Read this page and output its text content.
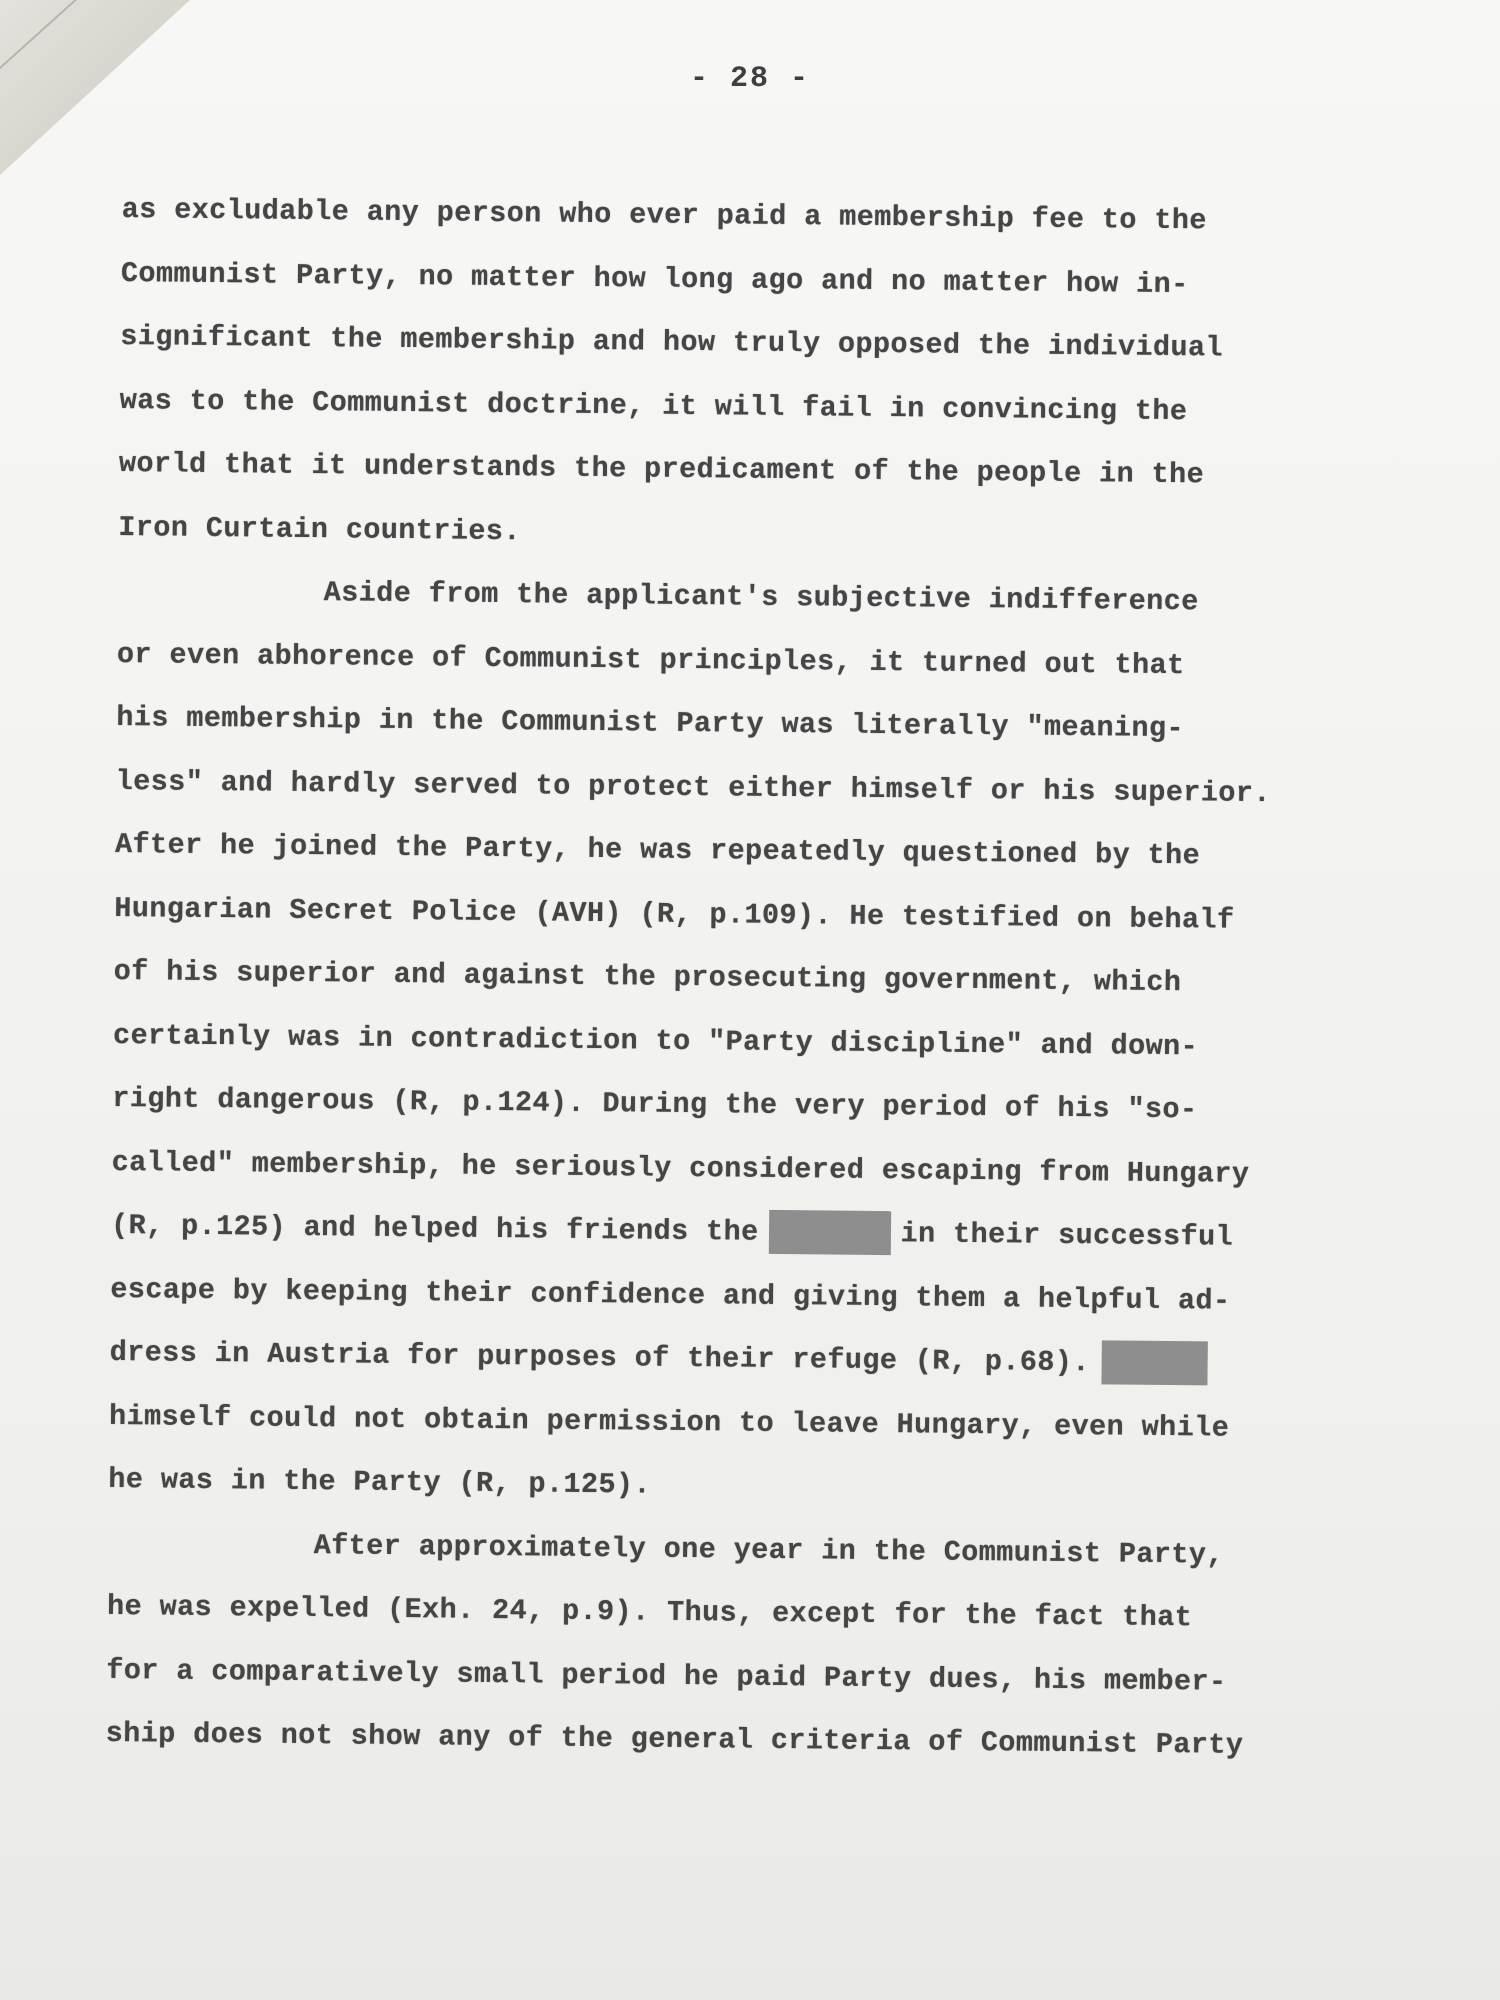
- 28 -
as excludable any person who ever paid a membership fee to the
Communist Party, no matter how long ago and no matter how in-
significant the membership and how truly opposed the individual
was to the Communist doctrine, it will fail in convincing the
world that it understands the predicament of the people in the
Iron Curtain countries.
Aside from the applicant's subjective indifference
or even abhorence of Communist principles, it turned out that
his membership in the Communist Party was literally "meaning-
less" and hardly served to protect either himself or his superior.
After he joined the Party, he was repeatedly questioned by the
Hungarian Secret Police (AVH) (R, p.109). He testified on behalf
of his superior and against the prosecuting government, which
certainly was in contradiction to "Party discipline" and down-
right dangerous (R, p.124). During the very period of his "so-
called" membership, he seriously considered escaping from Hungary
(R, p.125) and helped his friends the	in their successful
escape by keeping their confidence and giving them a helpful ad-
dress in Austria for purposes of their refuge (R, p.68).
himself could not obtain permission to leave Hungary, even while
he was in the Party (R, p.125).
After approximately one year in the Communist Party,
he was expelled (Exh. 24, p.9). Thus, except for the fact that
for a comparatively small period he paid Party dues, his member-
ship does not show any of the general criteria of Communist Party
